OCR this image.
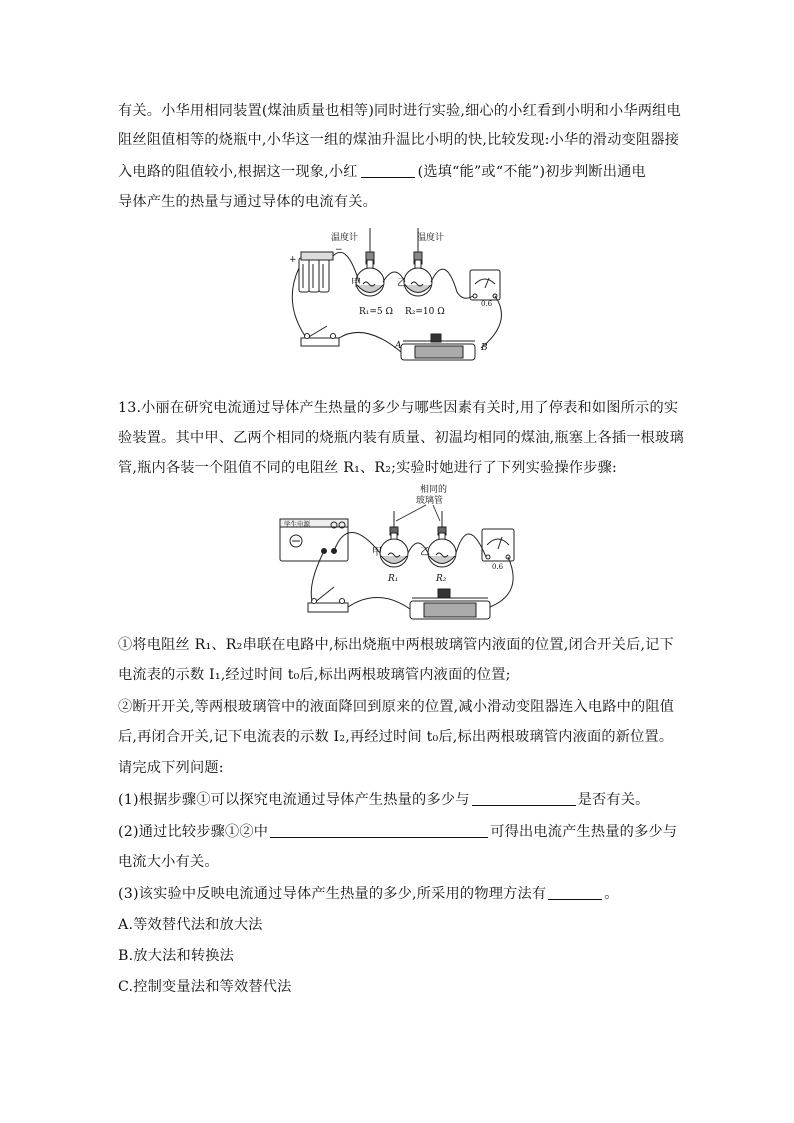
有关。小华用相同装置(煤油质量也相等)同时进行实验,细心的小红看到小明和小华两组电
阻丝阻值相等的烧瓶中,小华这一组的煤油升温比小明的快,比较发现:小华的滑动变阻器接
入电路的阻值较小,根据这一现象,小红	(选填“能”或“不能”)初步判断出通电
导体产生的热量与通过导体的电流有关。
+
−
温度计	温度计
甲
R₁=5 Ω
乙
R₂=10 Ω
0.6
A	B
13.小丽在研究电流通过导体产生热量的多少与哪些因素有关时,用了停表和如图所示的实
验装置。其中甲、乙两个相同的烧瓶内装有质量、初温均相同的煤油,瓶塞上各插一根玻璃
管,瓶内各装一个阻值不同的电阻丝 R₁、R₂;实验时她进行了下列实验操作步骤:
学生电源
相同的
玻璃管
甲
R₁
乙
R₂
0.6
①将电阻丝 R₁、R₂串联在电路中,标出烧瓶中两根玻璃管内液面的位置,闭合开关后,记下
电流表的示数 I₁,经过时间 t₀后,标出两根玻璃管内液面的位置;
②断开开关,等两根玻璃管中的液面降回到原来的位置,减小滑动变阻器连入电路中的阻值
后,再闭合开关,记下电流表的示数 I₂,再经过时间 t₀后,标出两根玻璃管内液面的新位置。
请完成下列问题:
(1)根据步骤①可以探究电流通过导体产生热量的多少与	是否有关。
(2)通过比较步骤①②中	可得出电流产生热量的多少与
电流大小有关。
(3)该实验中反映电流通过导体产生热量的多少,所采用的物理方法有	。
A.等效替代法和放大法
B.放大法和转换法
C.控制变量法和等效替代法
